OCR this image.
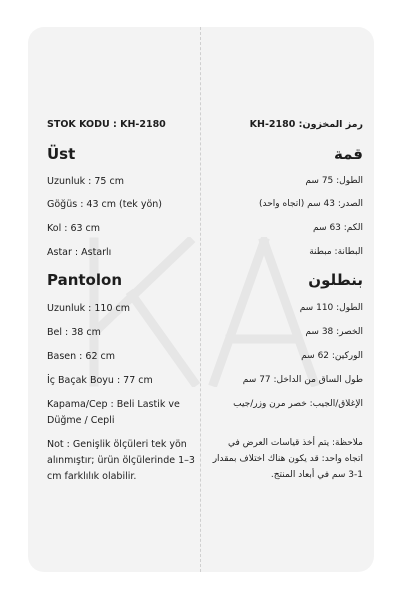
STOK KODU : KH-2180
Üst
Uzunluk : 75 cm
Göğüs : 43 cm (tek yön)
Kol : 63 cm
Astar : Astarlı
Pantolon
Uzunluk : 110 cm
Bel : 38 cm
Basen : 62 cm
İç Baçak Boyu : 77 cm
Kapama/Cep : Beli Lastik ve Düğme / Cepli
Not : Genişlik ölçüleri tek yön alınmıştır; ürün ölçülerinde 1–3 cm farklılık olabilir.
رمز المخزون: KH-2180
قمة
الطول: 75 سم
الصدر: 43 سم (اتجاه واحد)
الكم: 63 سم
البطانة: مبطنة
بنطلون
الطول: 110 سم
الخصر: 38 سم
الوركين: 62 سم
طول الساق من الداخل: 77 سم
الإغلاق/الجيب: خصر مرن وزر/جيب
ملاحظة: يتم أخذ قياسات العرض في اتجاه واحد: قد يكون هناك اختلاف بمقدار 1-3 سم في أبعاد المنتج.
